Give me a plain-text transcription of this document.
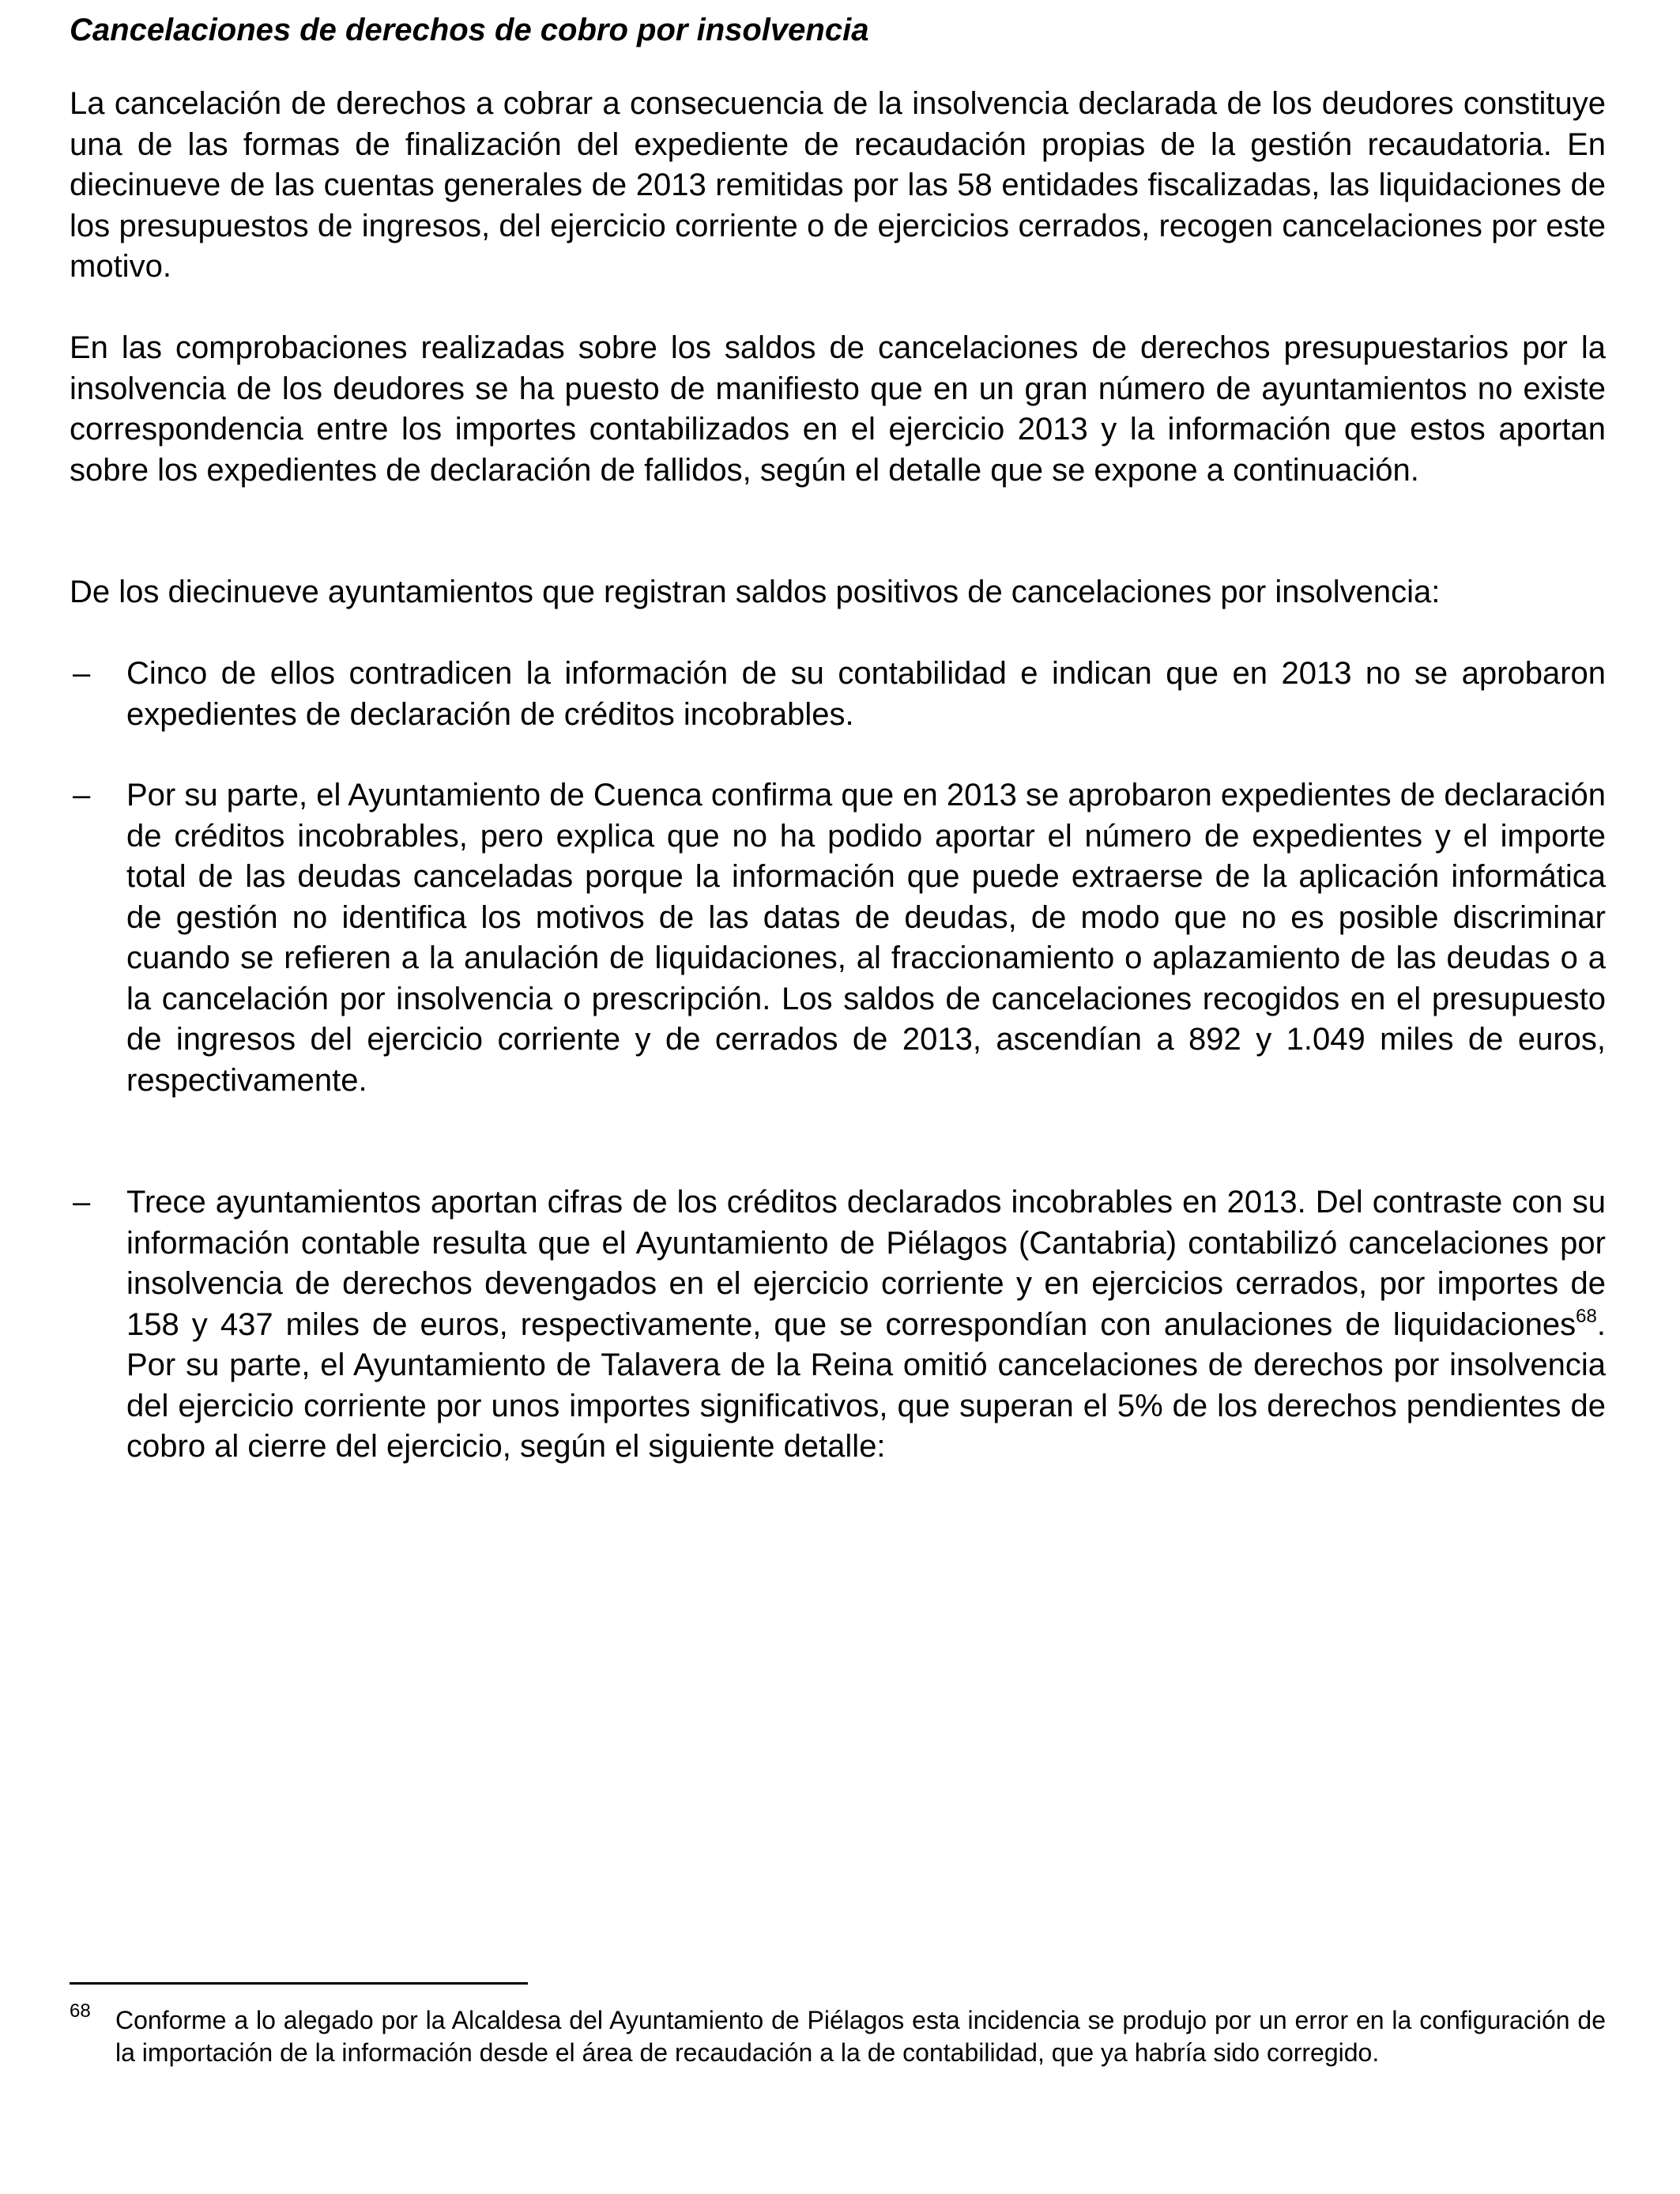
Cancelaciones de derechos de cobro por insolvencia

La cancelación de derechos a cobrar a consecuencia de la insolvencia declarada de los deudores constituye una de las formas de finalización del expediente de recaudación propias de la gestión recaudatoria. En diecinueve de las cuentas generales de 2013 remitidas por las 58 entidades fiscalizadas, las liquidaciones de los presupuestos de ingresos, del ejercicio corriente o de ejercicios cerrados, recogen cancelaciones por este motivo.

En las comprobaciones realizadas sobre los saldos de cancelaciones de derechos presupuestarios por la insolvencia de los deudores se ha puesto de manifiesto que en un gran número de ayuntamientos no existe correspondencia entre los importes contabilizados en el ejercicio 2013 y la información que estos aportan sobre los expedientes de declaración de fallidos, según el detalle que se expone a continuación.

De los diecinueve ayuntamientos que registran saldos positivos de cancelaciones por insolvencia:

– Cinco de ellos contradicen la información de su contabilidad e indican que en 2013 no se aprobaron expedientes de declaración de créditos incobrables.

– Por su parte, el Ayuntamiento de Cuenca confirma que en 2013 se aprobaron expedientes de declaración de créditos incobrables, pero explica que no ha podido aportar el número de expedientes y el importe total de las deudas canceladas porque la información que puede extraerse de la aplicación informática de gestión no identifica los motivos de las datas de deudas, de modo que no es posible discriminar cuando se refieren a la anulación de liquidaciones, al fraccionamiento o aplazamiento de las deudas o a la cancelación por insolvencia o prescripción. Los saldos de cancelaciones recogidos en el presupuesto de ingresos del ejercicio corriente y de cerrados de 2013, ascendían a 892 y 1.049 miles de euros, respectivamente.

– Trece ayuntamientos aportan cifras de los créditos declarados incobrables en 2013. Del contraste con su información contable resulta que el Ayuntamiento de Piélagos (Cantabria) contabilizó cancelaciones por insolvencia de derechos devengados en el ejercicio corriente y en ejercicios cerrados, por importes de 158 y 437 miles de euros, respectivamente, que se correspondían con anulaciones de liquidaciones$^{68}$. Por su parte, el Ayuntamiento de Talavera de la Reina omitió cancelaciones de derechos por insolvencia del ejercicio corriente por unos importes significativos, que superan el 5% de los derechos pendientes de cobro al cierre del ejercicio, según el siguiente detalle:

68 Conforme a lo alegado por la Alcaldesa del Ayuntamiento de Piélagos esta incidencia se produjo por un error en la configuración de la importación de la información desde el área de recaudación a la de contabilidad, que ya habría sido corregido.
